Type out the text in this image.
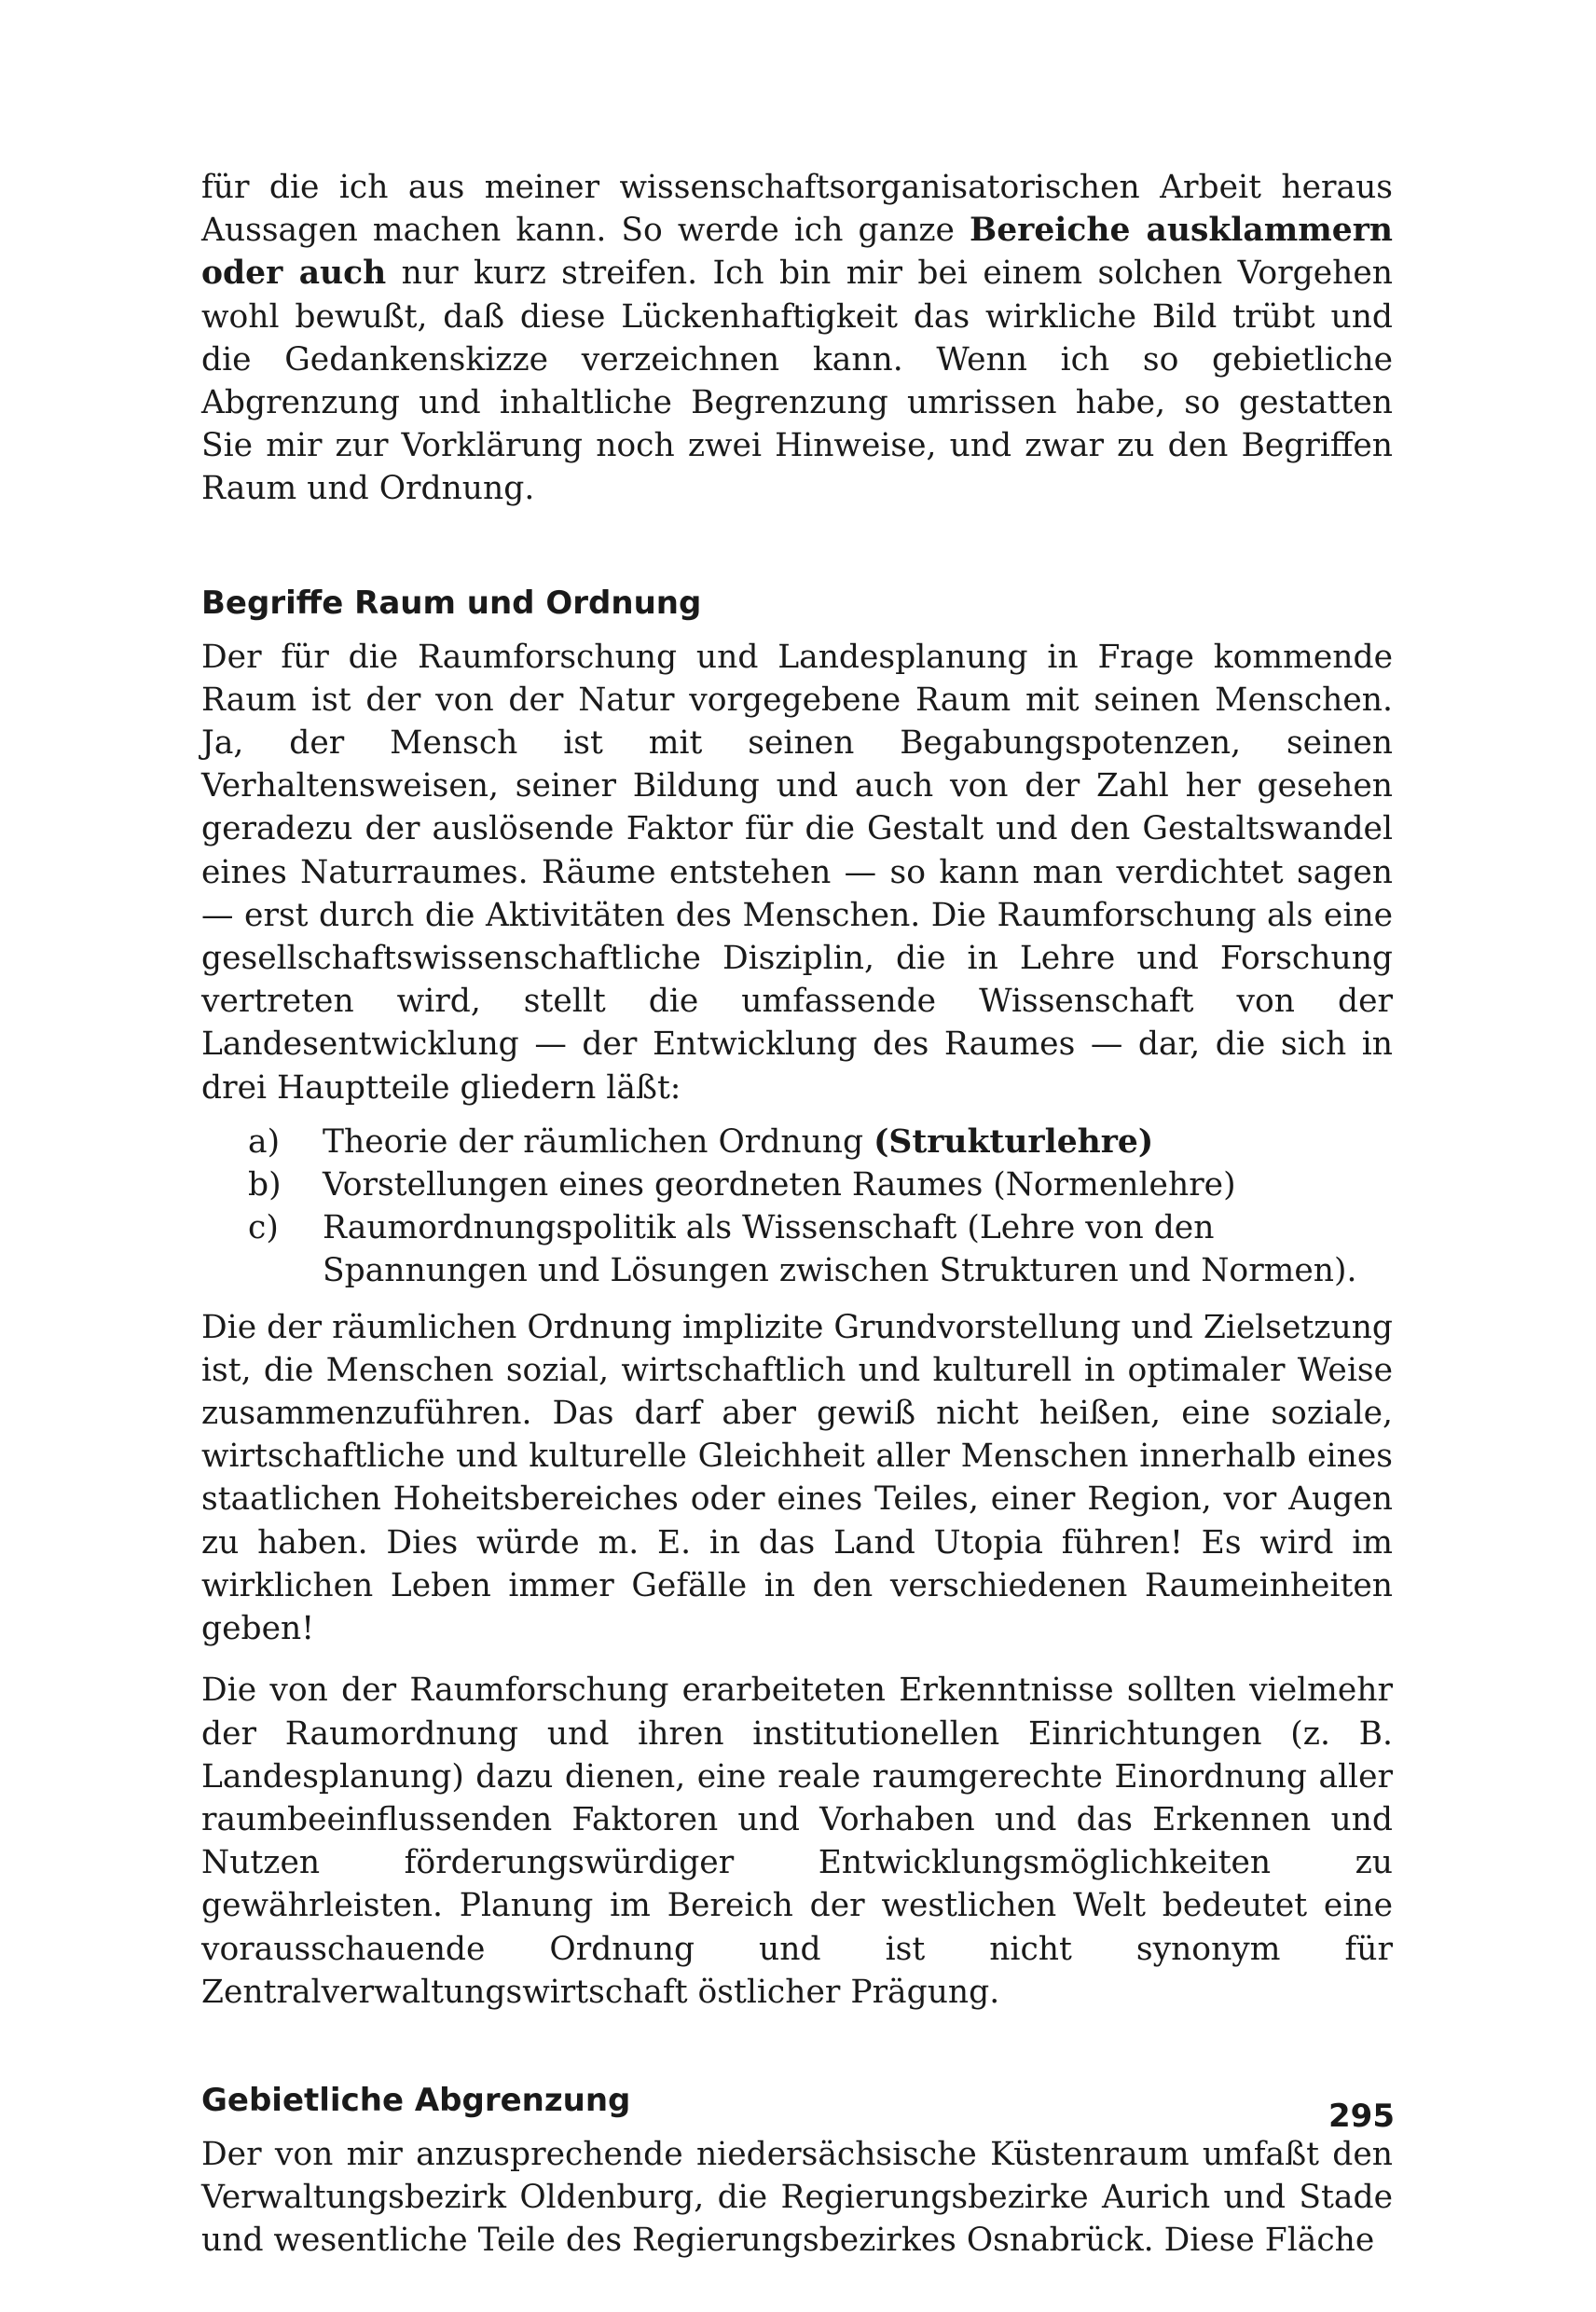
für die ich aus meiner wissenschaftsorganisatorischen Arbeit heraus Aussagen machen kann. So werde ich ganze Bereiche ausklammern oder auch nur kurz streifen. Ich bin mir bei einem solchen Vorgehen wohl bewußt, daß diese Lückenhaftigkeit das wirkliche Bild trübt und die Gedankenskizze verzeichnen kann. Wenn ich so gebietliche Abgrenzung und inhaltliche Begrenzung umrissen habe, so gestatten Sie mir zur Vorklärung noch zwei Hinweise, und zwar zu den Begriffen Raum und Ordnung.

Begriffe Raum und Ordnung

Der für die Raumforschung und Landesplanung in Frage kommende Raum ist der von der Natur vorgegebene Raum mit seinen Menschen. Ja, der Mensch ist mit seinen Begabungspotenzen, seinen Verhaltensweisen, seiner Bildung und auch von der Zahl her gesehen geradezu der auslösende Faktor für die Gestalt und den Gestaltswandel eines Naturraumes. Räume entstehen — so kann man verdichtet sagen — erst durch die Aktivitäten des Menschen. Die Raumforschung als eine gesellschaftswissenschaftliche Disziplin, die in Lehre und Forschung vertreten wird, stellt die umfassende Wissenschaft von der Landesentwicklung — der Entwicklung des Raumes — dar, die sich in drei Hauptteile gliedern läßt:

a) Theorie der räumlichen Ordnung (Strukturlehre)
b) Vorstellungen eines geordneten Raumes (Normenlehre)
c) Raumordnungspolitik als Wissenschaft (Lehre von den Spannungen und Lösungen zwischen Strukturen und Normen).

Die der räumlichen Ordnung implizite Grundvorstellung und Zielsetzung ist, die Menschen sozial, wirtschaftlich und kulturell in optimaler Weise zusammenzuführen. Das darf aber gewiß nicht heißen, eine soziale, wirtschaftliche und kulturelle Gleichheit aller Menschen innerhalb eines staatlichen Hoheitsbereiches oder eines Teiles, einer Region, vor Augen zu haben. Dies würde m. E. in das Land Utopia führen! Es wird im wirklichen Leben immer Gefälle in den verschiedenen Raumeinheiten geben!

Die von der Raumforschung erarbeiteten Erkenntnisse sollten vielmehr der Raumordnung und ihren institutionellen Einrichtungen (z. B. Landesplanung) dazu dienen, eine reale raumgerechte Einordnung aller raumbeeinflussenden Faktoren und Vorhaben und das Erkennen und Nutzen förderungswürdiger Entwicklungsmöglichkeiten zu gewährleisten. Planung im Bereich der westlichen Welt bedeutet eine vorausschauende Ordnung und ist nicht synonym für Zentralverwaltungswirtschaft östlicher Prägung.

Gebietliche Abgrenzung

Der von mir anzusprechende niedersächsische Küstenraum umfaßt den Verwaltungsbezirk Oldenburg, die Regierungsbezirke Aurich und Stade und wesentliche Teile des Regierungsbezirkes Osnabrück. Diese Fläche

295
